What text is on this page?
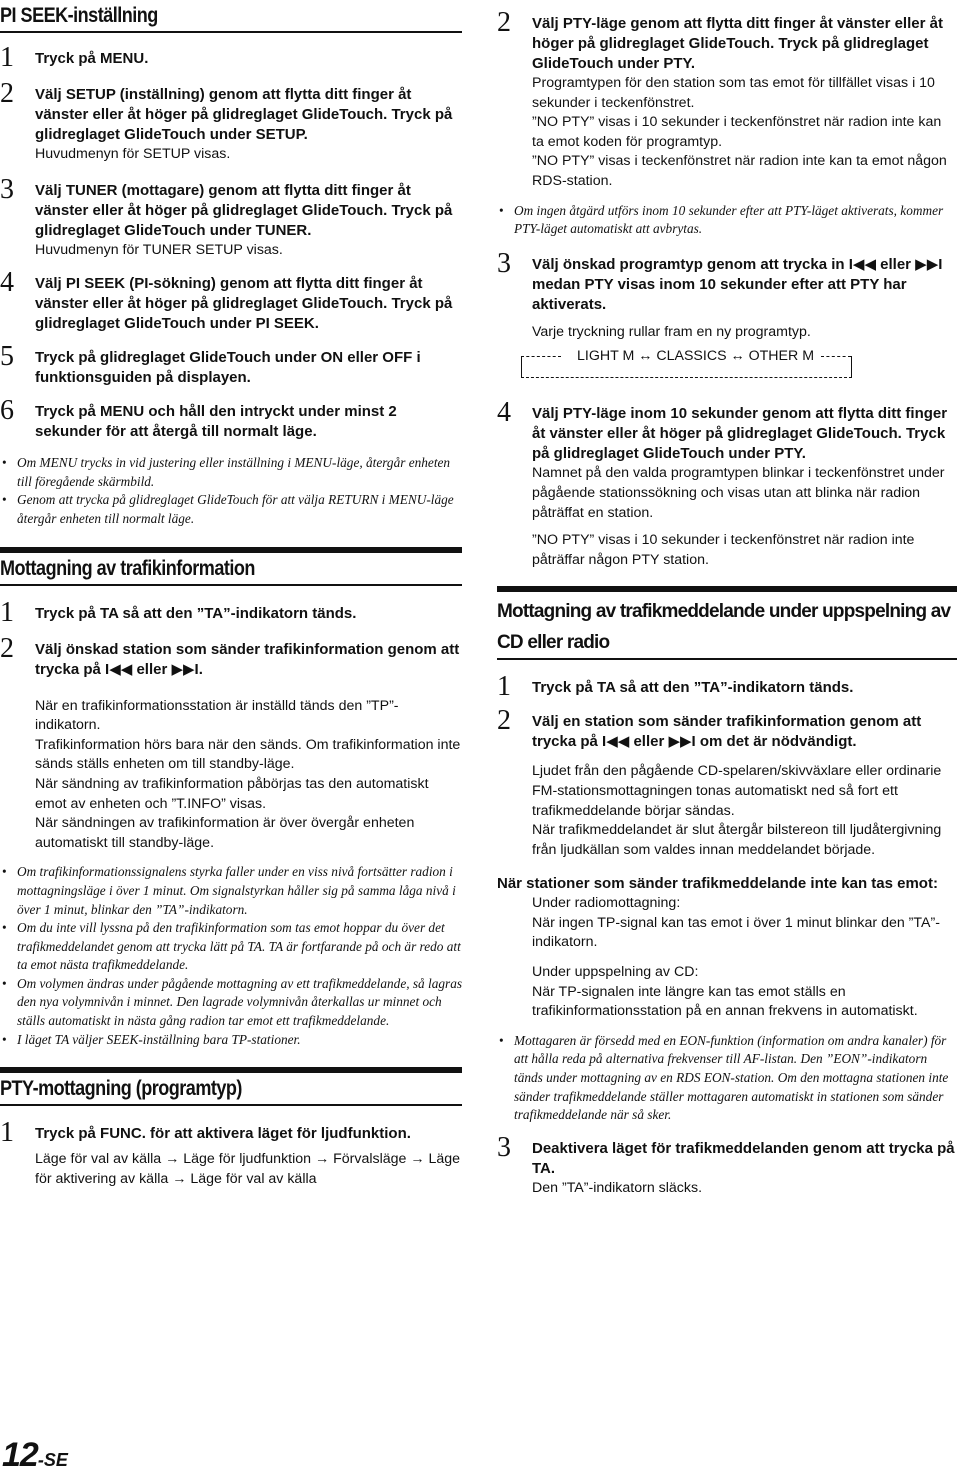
PI SEEK-inställning
1 Tryck på MENU.
2 Välj SETUP (inställning) genom att flytta ditt finger åt vänster eller åt höger på glidreglaget GlideTouch. Tryck på glidreglaget GlideTouch under SETUP.
Huvudmenyn för SETUP visas.
3 Välj TUNER (mottagare) genom att flytta ditt finger åt vänster eller åt höger på glidreglaget GlideTouch. Tryck på glidreglaget GlideTouch under TUNER.
Huvudmenyn för TUNER SETUP visas.
4 Välj PI SEEK (PI-sökning) genom att flytta ditt finger åt vänster eller åt höger på glidreglaget GlideTouch. Tryck på glidreglaget GlideTouch under PI SEEK.
5 Tryck på glidreglaget GlideTouch under ON eller OFF i funktionsguiden på displayen.
6 Tryck på MENU och håll den intryckt under minst 2 sekunder för att återgå till normalt läge.
• Om MENU trycks in vid justering eller inställning i MENU-läge, återgår enheten till föregående skärmbild.
• Genom att trycka på glidreglaget GlideTouch för att välja RETURN i MENU-läge återgår enheten till normalt läge.
Mottagning av trafikinformation
1 Tryck på TA så att den ”TA”-indikatorn tänds.
2 Välj önskad station som sänder trafikinformation genom att trycka på I◀◀ eller ▶▶I.
När en trafikinformationsstation är inställd tänds den ”TP”-indikatorn.
Trafikinformation hörs bara när den sänds. Om trafikinformation inte sänds ställs enheten om till standby-läge.
När sändning av trafikinformation påbörjas tas den automatiskt emot av enheten och ”T.INFO” visas.
När sändningen av trafikinformation är över övergår enheten automatiskt till standby-läge.
• Om trafikinformationssignalens styrka faller under en viss nivå fortsätter radion i mottagningsläge i över 1 minut. Om signalstyrkan håller sig på samma låga nivå i över 1 minut, blinkar den ”TA”-indikatorn.
• Om du inte vill lyssna på den trafikinformation som tas emot hoppar du över det trafikmeddelandet genom att trycka lätt på TA. TA är fortfarande på och är redo att ta emot nästa trafikmeddelande.
• Om volymen ändras under pågående mottagning av ett trafikmeddelande, så lagras den nya volymnivån i minnet. Den lagrade volymnivån återkallas ur minnet och ställs automatiskt in nästa gång radion tar emot ett trafikmeddelande.
• I läget TA väljer SEEK-inställning bara TP-stationer.
PTY-mottagning (programtyp)
1 Tryck på FUNC. för att aktivera läget för ljudfunktion.
Läge för val av källa → Läge för ljudfunktion → Förvalsläge → Läge för aktivering av källa → Läge för val av källa
12-SE
2 Välj PTY-läge genom att flytta ditt finger åt vänster eller åt höger på glidreglaget GlideTouch. Tryck på glidreglaget GlideTouch under PTY.
Programtypen för den station som tas emot för tillfället visas i 10 sekunder i teckenfönstret.
”NO PTY” visas i 10 sekunder i teckenfönstret när radion inte kan ta emot koden för programtyp.
”NO PTY” visas i teckenfönstret när radion inte kan ta emot någon RDS-station.
• Om ingen åtgärd utförs inom 10 sekunder efter att PTY-läget aktiverats, kommer PTY-läget automatiskt att avbrytas.
3 Välj önskad programtyp genom att trycka in I◀◀ eller ▶▶I medan PTY visas inom 10 sekunder efter att PTY har aktiverats.
Varje tryckning rullar fram en ny programtyp.
LIGHT M ↔ CLASSICS ↔ OTHER M
4 Välj PTY-läge inom 10 sekunder genom att flytta ditt finger åt vänster eller åt höger på glidreglaget GlideTouch. Tryck på glidreglaget GlideTouch under PTY.
Namnet på den valda programtypen blinkar i teckenfönstret under pågående stationssökning och visas utan att blinka när radion påträffat en station.
”NO PTY” visas i 10 sekunder i teckenfönstret när radion inte påträffar någon PTY station.
Mottagning av trafikmeddelande under uppspelning av CD eller radio
1 Tryck på TA så att den ”TA”-indikatorn tänds.
2 Välj en station som sänder trafikinformation genom att trycka på I◀◀ eller ▶▶I om det är nödvändigt.
Ljudet från den pågående CD-spelaren/skivväxlare eller ordinarie FM-stationsmottagningen tonas automatiskt ned så fort ett trafikmeddelande börjar sändas.
När trafikmeddelandet är slut återgår bilstereon till ljudåtergivning från ljudkällan som valdes innan meddelandet började.
När stationer som sänder trafikmeddelande inte kan tas emot:
Under radiomottagning:
När ingen TP-signal kan tas emot i över 1 minut blinkar den ”TA”-indikatorn.
Under uppspelning av CD:
När TP-signalen inte längre kan tas emot ställs en trafikinformationsstation på en annan frekvens in automatiskt.
• Mottagaren är försedd med en EON-funktion (information om andra kanaler) för att hålla reda på alternativa frekvenser till AF-listan. Den ”EON”-indikatorn tänds under mottagning av en RDS EON-station. Om den mottagna stationen inte sänder trafikmeddelande ställer mottagaren automatiskt in stationen som sänder trafikmeddelande när så sker.
3 Deaktivera läget för trafikmeddelanden genom att trycka på TA.
Den ”TA”-indikatorn släcks.
